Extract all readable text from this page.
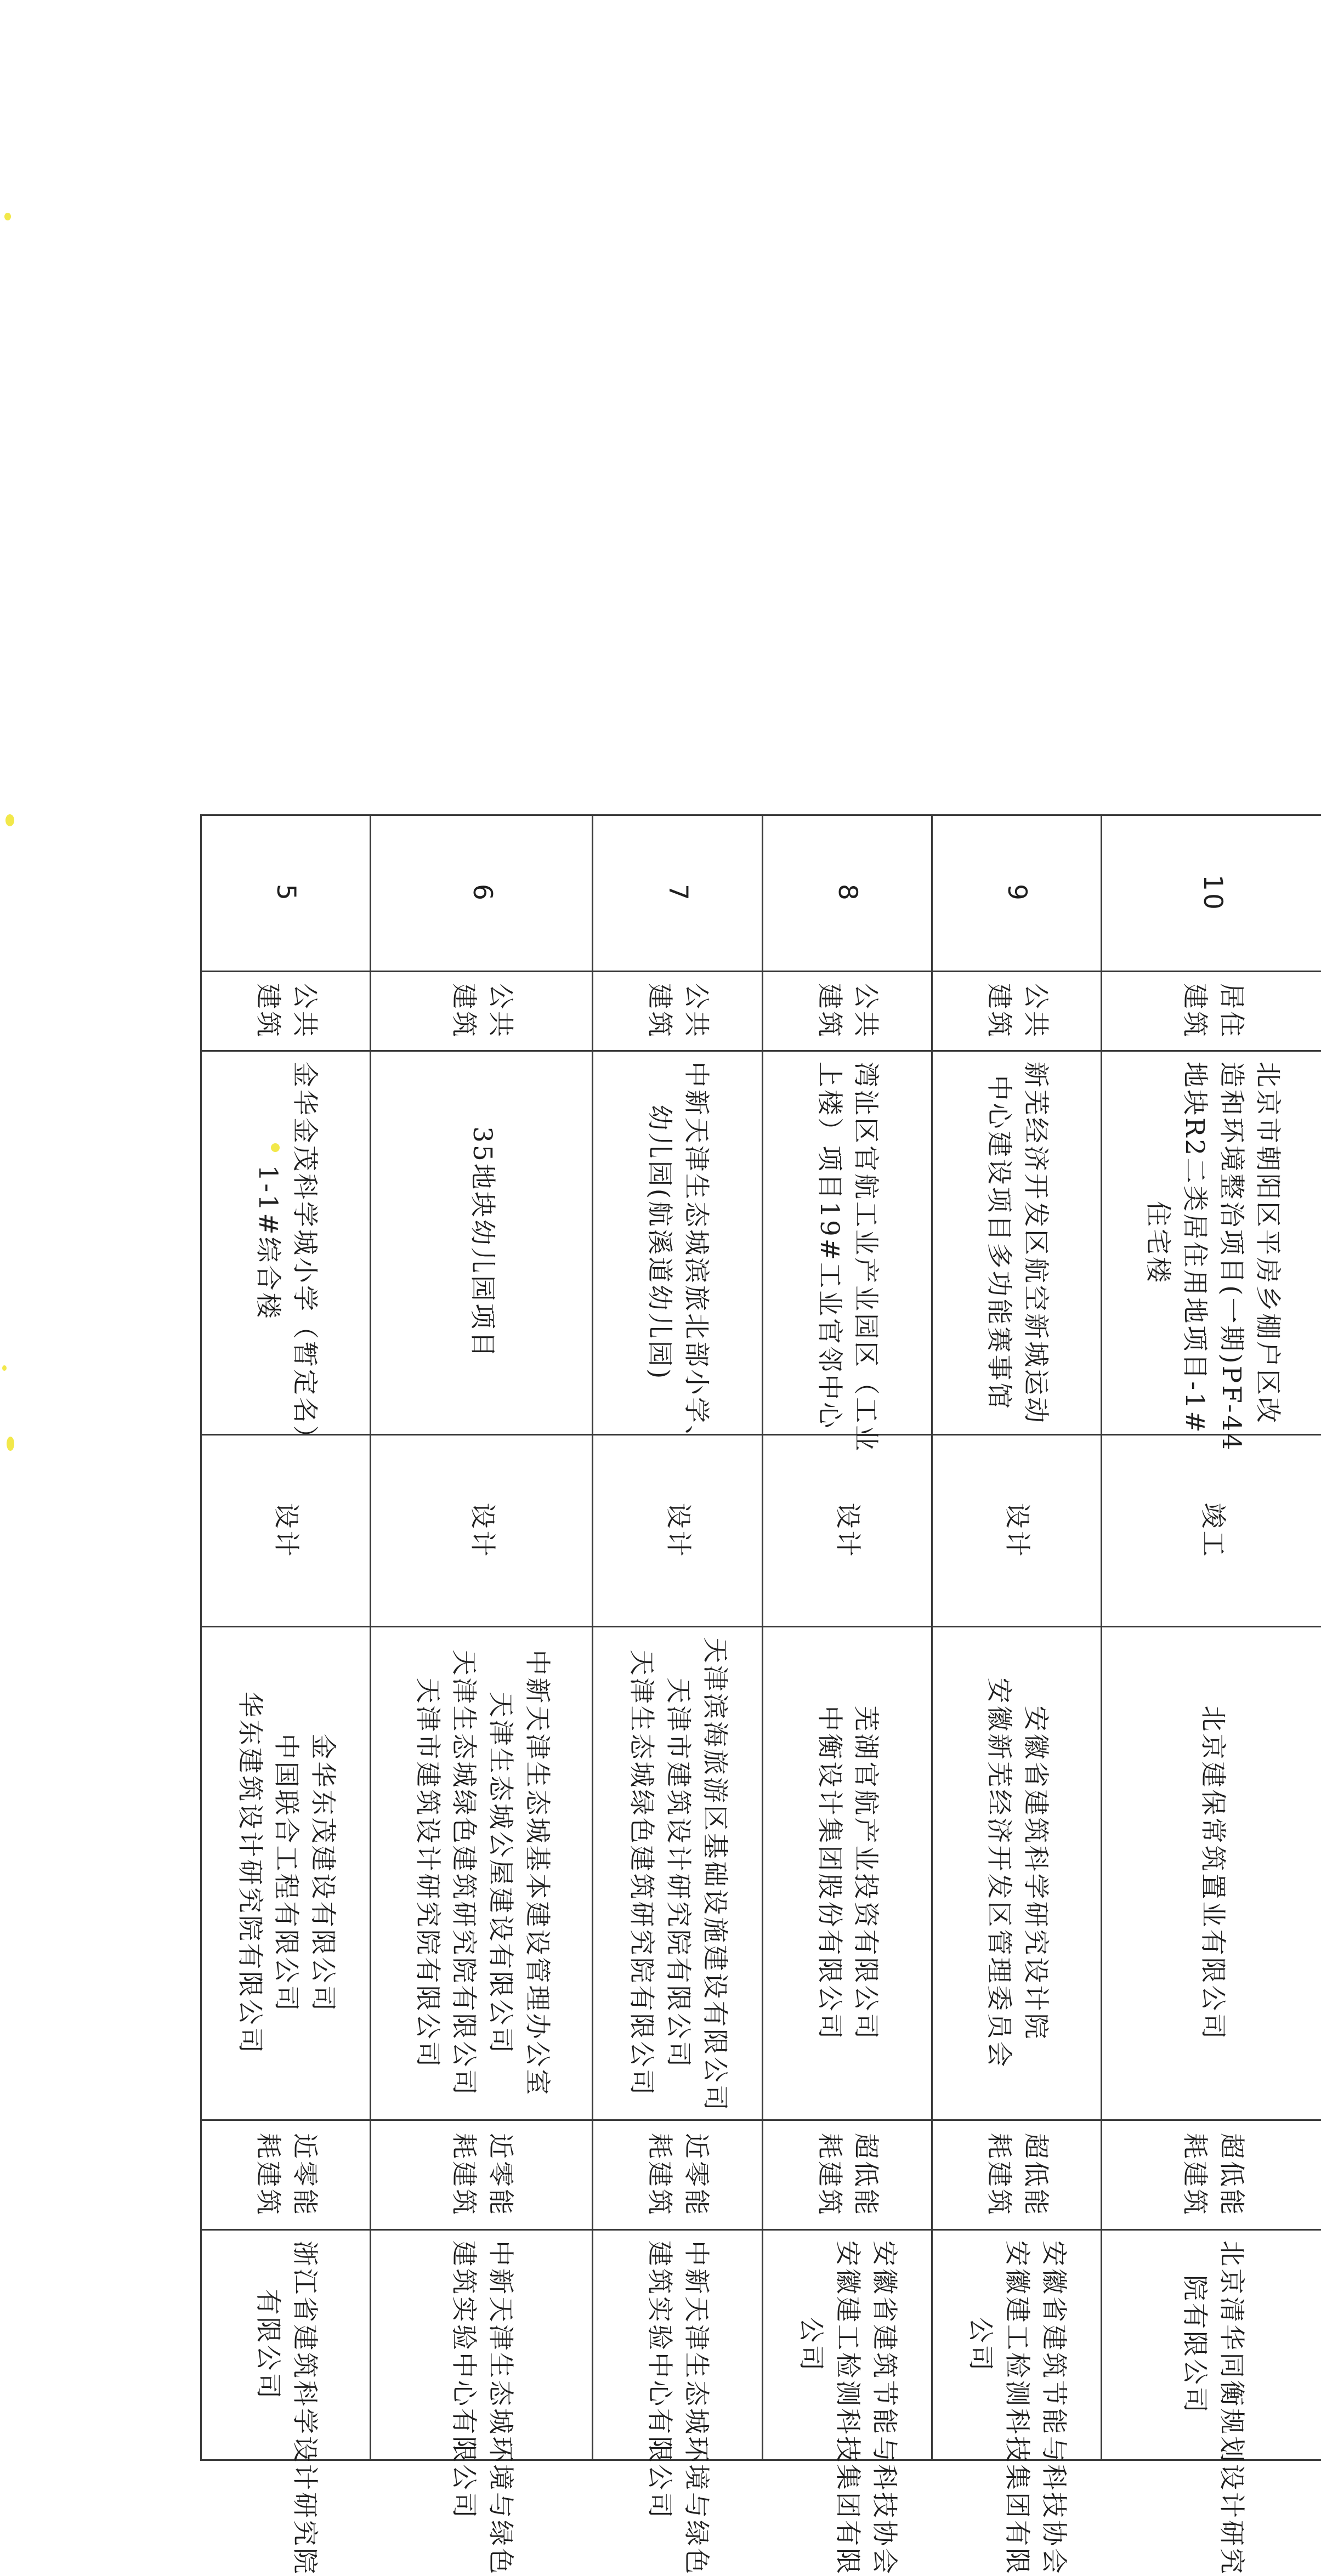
10	居住
建筑	北京市朝阳区平房乡棚户区改
造和环境整治项目(一期)PF-44
地块R2二类居住用地项目-1#
住宅楼	竣工	北京建保常筑置业有限公司	超低能
耗建筑	北京清华同衡规划设计研究
院有限公司

9	公共
建筑	新芜经济开发区航空新城运动
中心建设项目多功能赛事馆	设计	安徽省建筑科学研究设计院
安徽新芜经济开发区管理委员会	超低能
耗建筑	安徽省建筑节能与科技协会
安徽建工检测科技集团有限
公司

8	公共
建筑	湾沚区官航工业产业园区（工业
上楼）项目19#工业官邻中心	设计	芜湖官航产业投资有限公司
中衡设计集团股份有限公司	超低能
耗建筑	安徽省建筑节能与科技协会
安徽建工检测科技集团有限
公司

7	公共
建筑	中新天津生态城滨旅北部小学、
幼儿园(航溪道幼儿园)	设计	天津滨海旅游区基础设施建设有限公司
天津市建筑设计研究院有限公司
天津生态城绿色建筑研究院有限公司	近零能
耗建筑	中新天津生态城环境与绿色
建筑实验中心有限公司

6	公共
建筑	35地块幼儿园项目	设计	中新天津生态城基本建设管理办公室
天津生态城公屋建设有限公司
天津生态城绿色建筑研究院有限公司
天津市建筑设计研究院有限公司	近零能
耗建筑	中新天津生态城环境与绿色
建筑实验中心有限公司

5	公共
建筑	金华金茂科学城小学（暂定名）
1-1#综合楼	设计	金华东茂建设有限公司
中国联合工程有限公司
华东建筑设计研究院有限公司	近零能
耗建筑	浙江省建筑科学设计研究院
有限公司
